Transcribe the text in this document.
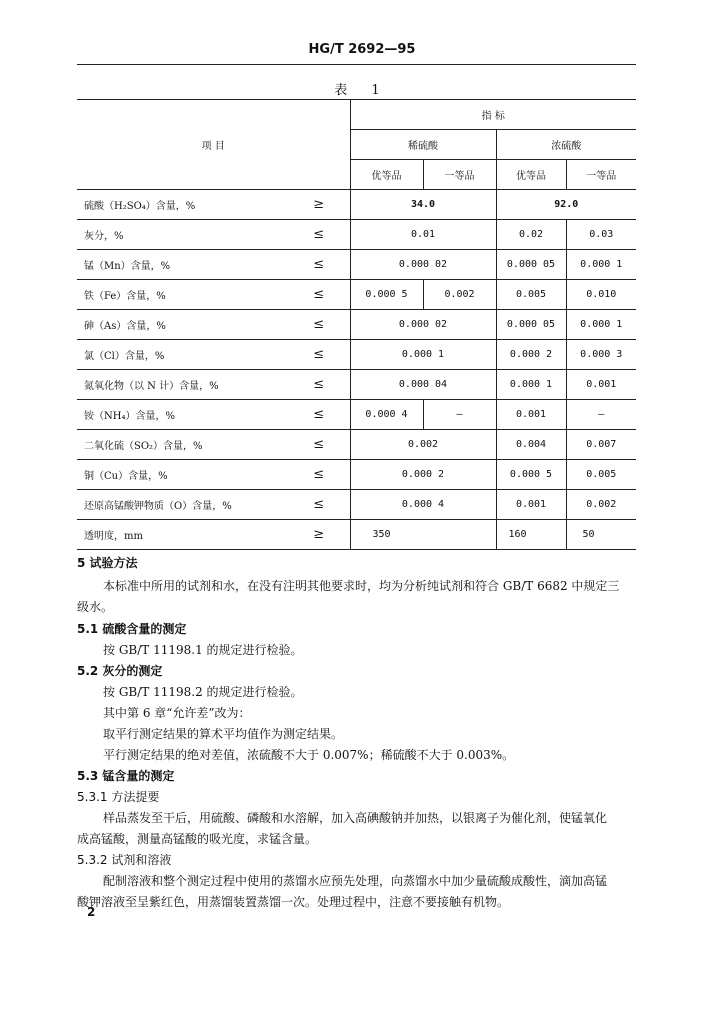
HG/T 2692—95
表 1
项 目		指 标			
		稀硫酸		浓硫酸	
		优等品	一等品	优等品	一等品
硫酸（H₂SO₄）含量，%	≥	34.0		92.0	
灰分，%	≤	0.01		0.02	0.03
锰（Mn）含量，%	≤	0.000 02		0.000 05	0.000 1
铁（Fe）含量，%	≤	0.000 5	0.002	0.005	0.010
砷（As）含量，%	≤	0.000 02		0.000 05	0.000 1
氯（Cl）含量，%	≤	0.000 1		0.000 2	0.000 3
氮氧化物（以 N 计）含量，%	≤	0.000 04		0.000 1	0.001
铵（NH₄）含量，%	≤	0.000 4	—	0.001	—
二氧化硫（SO₂）含量，%	≤	0.002		0.004	0.007
铜（Cu）含量，%	≤	0.000 2		0.000 5	0.005
还原高锰酸钾物质（O）含量，%	≤	0.000 4		0.001	0.002
透明度，mm	≥	350		160	50
5 试验方法
本标准中所用的试剂和水，在没有注明其他要求时，均为分析纯试剂和符合 GB/T 6682 中规定三
级水。
5.1 硫酸含量的测定
按 GB/T 11198.1 的规定进行检验。
5.2 灰分的测定
按 GB/T 11198.2 的规定进行检验。
其中第 6 章“允许差”改为：
取平行测定结果的算术平均值作为测定结果。
平行测定结果的绝对差值，浓硫酸不大于 0.007%；稀硫酸不大于 0.003%。
5.3 锰含量的测定
5.3.1 方法提要
样品蒸发至干后，用硫酸、磷酸和水溶解，加入高碘酸钠并加热，以银离子为催化剂，使锰氧化
成高锰酸，测量高锰酸的吸光度，求锰含量。
5.3.2 试剂和溶液
配制溶液和整个测定过程中使用的蒸馏水应预先处理，向蒸馏水中加少量硫酸成酸性，滴加高锰
酸钾溶液至呈紫红色，用蒸馏装置蒸馏一次。处理过程中，注意不要接触有机物。
2
